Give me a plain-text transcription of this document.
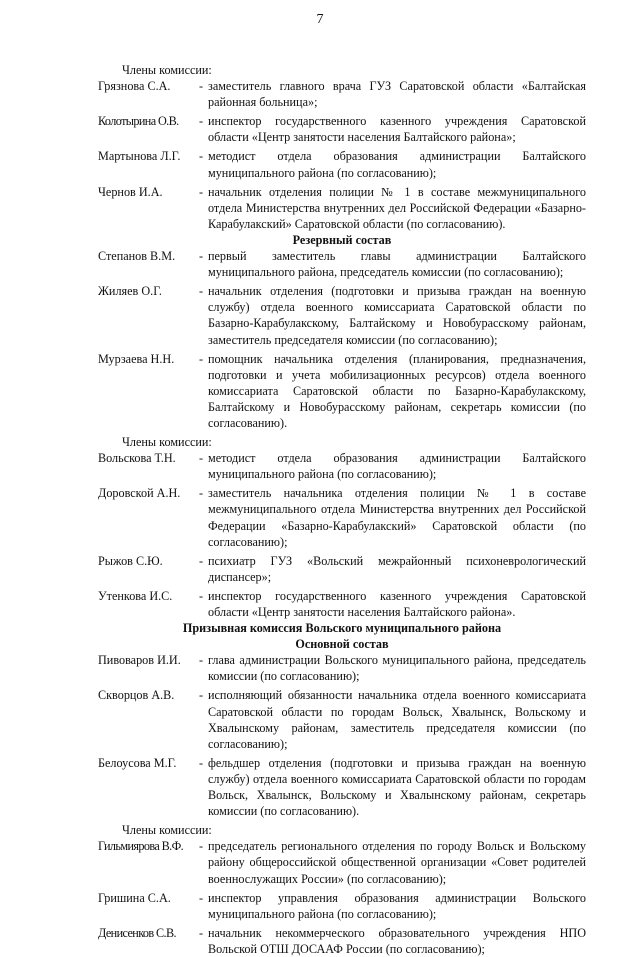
7
Члены комиссии:
Грязнова С.А.	- заместитель главного врача ГУЗ Саратовской области «Балтайская районная больница»;
Колотырина О.В.	- инспектор государственного казенного учреждения Саратовской области «Центр занятости населения Балтайского района»;
Мартынова Л.Г.	- методист отдела образования администрации Балтайского муниципального района (по согласованию);
Чернов И.А.	- начальник отделения полиции № 1 в составе межмуниципального отдела Министерства внутренних дел Российской Федерации «Базарно-Карабулакский» Саратовской области (по согласованию).
Резервный состав
Степанов В.М.	- первый заместитель главы администрации Балтайского муниципального района, председатель комиссии (по согласованию);
Жиляев О.Г.	- начальник отделения (подготовки и призыва граждан на военную службу) отдела военного комиссариата Саратовской области по Базарно-Карабулакскому, Балтайскому и Новобурасскому районам, заместитель председателя комиссии (по согласованию);
Мурзаева Н.Н.	- помощник начальника отделения (планирования, предназначения, подготовки и учета мобилизационных ресурсов) отдела военного комиссариата Саратовской области по Базарно-Карабулакскому, Балтайскому и Новобурасскому районам, секретарь комиссии (по согласованию).
Члены комиссии:
Вольскова Т.Н.	- методист отдела образования администрации Балтайского муниципального района (по согласованию);
Доровской А.Н.	- заместитель начальника отделения полиции № 1 в составе межмуниципального отдела Министерства внутренних дел Российской Федерации «Базарно-Карабулакский» Саратовской области (по согласованию);
Рыжов С.Ю.	- психиатр ГУЗ «Вольский межрайонный психоневрологический диспансер»;
Утенкова И.С.	- инспектор государственного казенного учреждения Саратовской области «Центр занятости населения Балтайского района».
Призывная комиссия Вольского муниципального района
Основной состав
Пивоваров И.И.	- глава администрации Вольского муниципального района, председатель комиссии (по согласованию);
Скворцов А.В.	- исполняющий обязанности начальника отдела военного комиссариата Саратовской области по городам Вольск, Хвалынск, Вольскому и Хвалынскому районам, заместитель председателя комиссии (по согласованию);
Белоусова М.Г.	- фельдшер отделения (подготовки и призыва граждан на военную службу) отдела военного комиссариата Саратовской области по городам Вольск, Хвалынск, Вольскому и Хвалынскому районам, секретарь комиссии (по согласованию).
Члены комиссии:
Гильмиярова В.Ф.	- председатель регионального отделения по городу Вольск и Вольскому району общероссийской общественной организации «Совет родителей военнослужащих России» (по согласованию);
Гришина С.А.	- инспектор управления образования администрации Вольского муниципального района (по согласованию);
Денисенков С.В.	- начальник некоммерческого образовательного учреждения НПО Вольской ОТШ ДОСААФ России (по согласованию);
